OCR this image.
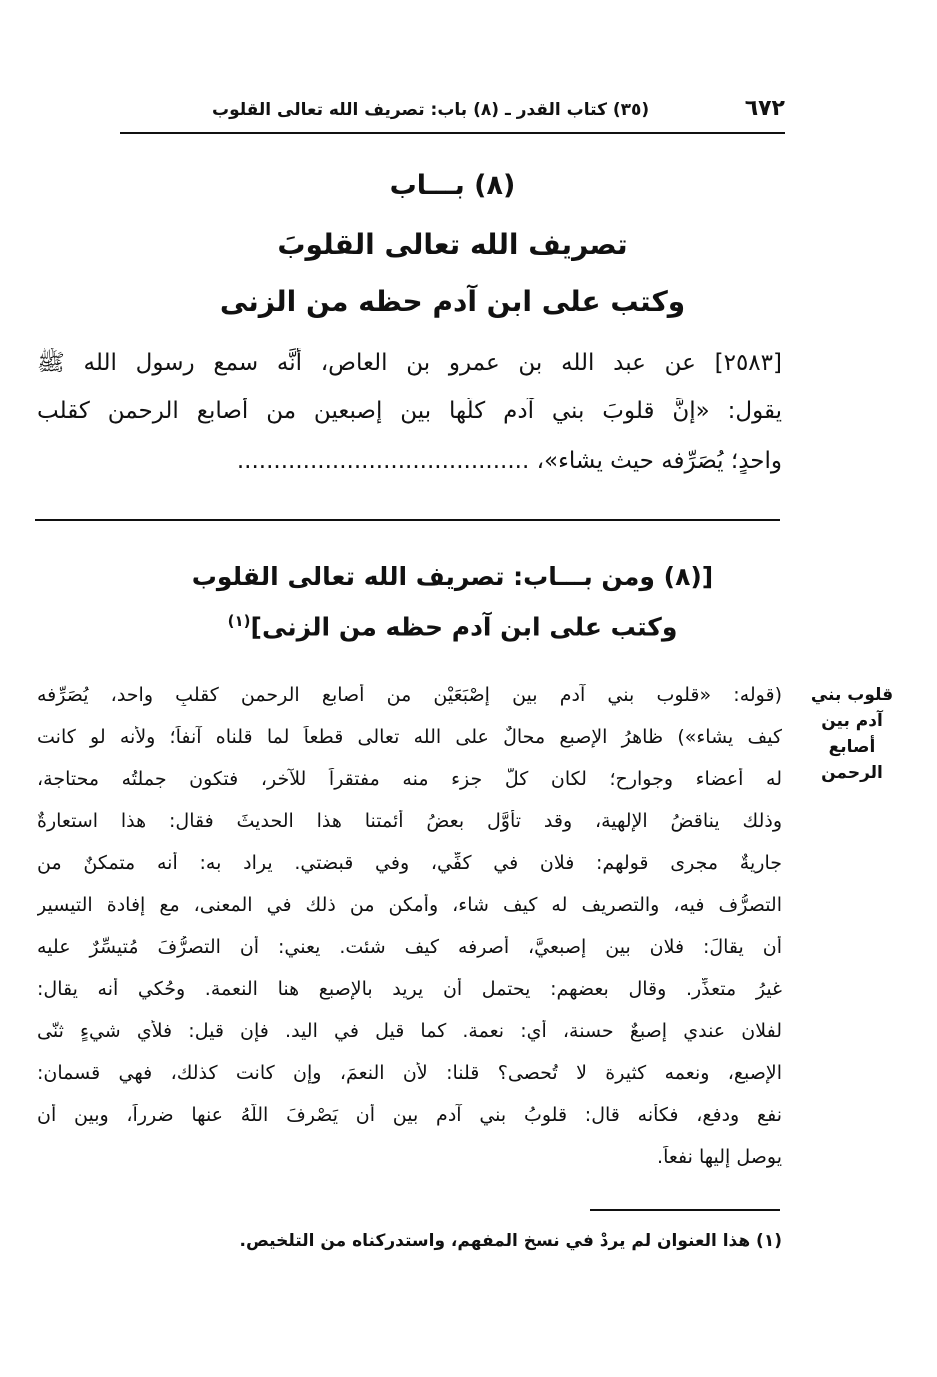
٦٧٢
(٣٥) كتاب القدر ـ (٨) باب: تصريف الله تعالى القلوب
(٨) بـــاب
تصريف الله تعالى القلوبَ
وكتب على ابن آدم حظه من الزنى
[٢٥٨٣] عن عبد الله بن عمرو بن العاص، أنَّه سمع رسول الله ﷺ
يقول: «إنَّ قلوبَ بني آدم كلَّها بين إصبعين من أصابع الرحمن كقلب
واحدٍ؛ يُصَرِّفه حيث يشاء»، ........................................
[(٨) ومن بـــاب: تصريف الله تعالى القلوب
وكتب على ابن آدم حظه من الزنى]$^{(١)}$
قلوب بني آدم بين أصابع الرحمن
(قوله: «قلوب بني آدم بين إِصْبَعَيْن من أصابع الرحمن كقلبٍ واحد، يُصَرِّفه
كيف يشاء») ظاهرُ الإصبع محالٌ على الله تعالى قطعاً لما قلناه آنفاً؛ ولأنه لو كانت
له أعضاء وجوارح؛ لكان كلُّ جزء منه مفتقراً للآخر، فتكون جملتُه محتاجة،
وذلك يناقضُ الإلهية، وقد تأوَّل بعضُ أئمتنا هذا الحديثَ فقال: هذا استعارةٌ
جاريةٌ مجرى قولهم: فلان في كفِّي، وفي قبضتي. يراد به: أنه متمكنٌ من
التصرُّف فيه، والتصريف له كيف شاء، وأمكن من ذلك في المعنى، مع إفادة التيسير
أن يقالَ: فلان بين إصبعيَّ، أصرفه كيف شئت. يعني: أن التصرُّفَ مُتيسِّرٌ عليه
غيرُ متعذِّرٍ. وقال بعضهم: يحتمل أن يريد بالإصبع هنا النعمة. وحُكي أنه يقال:
لفلان عندي إصبعٌ حسنة، أي: نعمة. كما قيل في اليد. فإن قيل: فلأي شيءٍ ثنّى
الإصبع، ونعمه كثيرة لا تُحصى؟ قلنا: لأن النعمَ، وإن كانت كذلك، فهي قسمان:
نفع ودفع، فكأنه قال: قلوبُ بني آدم بين أن يَصْرِفَ اللَّهُ عنها ضرراً، وبين أن
يوصل إليها نفعاً.
(١) هذا العنوان لم يردْ في نسخ المفهم، واستدركناه من التلخيص.
